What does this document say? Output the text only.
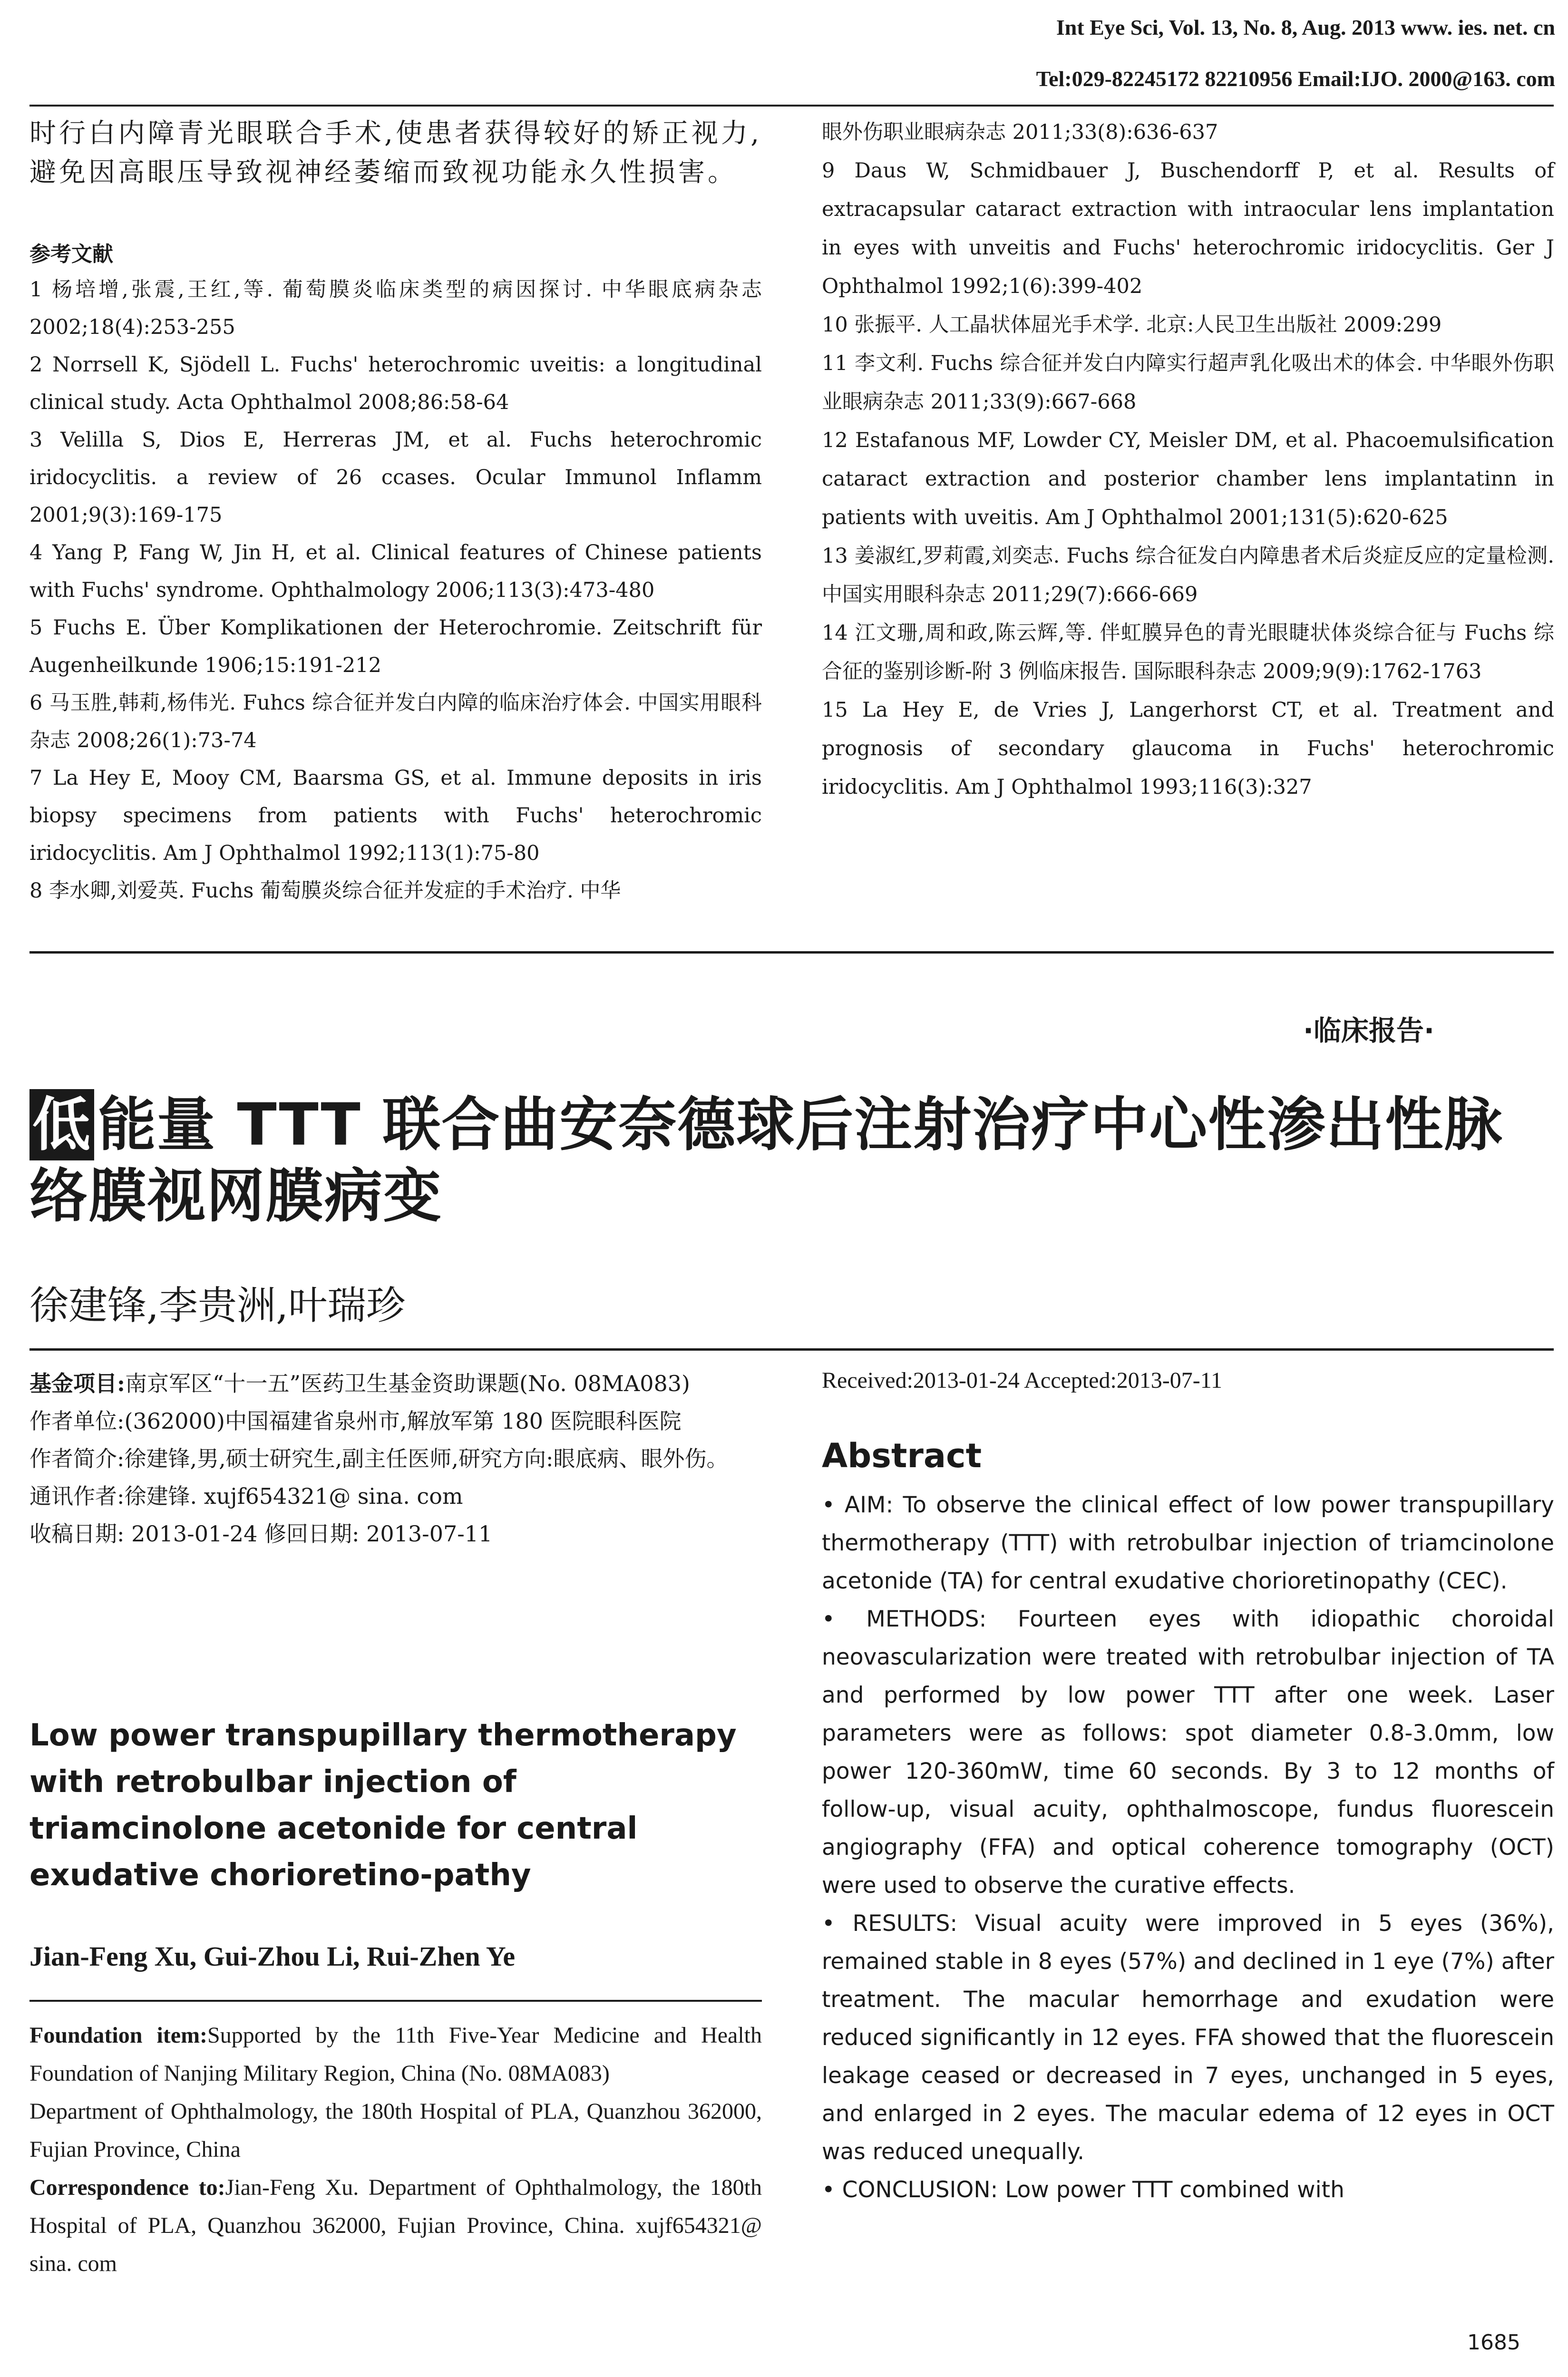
Int Eye Sci, Vol. 13, No. 8, Aug. 2013 www. ies. net. cn
Tel:029-82245172 82210956 Email:IJO. 2000@163. com
时行白内障青光眼联合手术,使患者获得较好的矫正视力,避免因高眼压导致视神经萎缩而致视功能永久性损害。
参考文献

1 杨培增,张震,王红,等. 葡萄膜炎临床类型的病因探讨. 中华眼底病杂志 2002;18(4):253-255

2 Norrsell K, Sjödell L. Fuchs' heterochromic uveitis: a longitudinal clinical study. Acta Ophthalmol 2008;86:58-64

3 Velilla S, Dios E, Herreras JM, et al. Fuchs heterochromic iridocyclitis. a review of 26 ccases. Ocular Immunol Inflamm 2001;9(3):169-175

4 Yang P, Fang W, Jin H, et al. Clinical features of Chinese patients with Fuchs' syndrome. Ophthalmology 2006;113(3):473-480

5 Fuchs E. Über Komplikationen der Heterochromie. Zeitschrift für Augenheilkunde 1906;15:191-212

6 马玉胜,韩莉,杨伟光. Fuhcs 综合征并发白内障的临床治疗体会. 中国实用眼科杂志 2008;26(1):73-74

7 La Hey E, Mooy CM, Baarsma GS, et al. Immune deposits in iris biopsy specimens from patients with Fuchs' heterochromic iridocyclitis. Am J Ophthalmol 1992;113(1):75-80

8 李水卿,刘爱英. Fuchs 葡萄膜炎综合征并发症的手术治疗. 中华

眼外伤职业眼病杂志 2011;33(8):636-637

9 Daus W, Schmidbauer J, Buschendorff P, et al. Results of extracapsular cataract extraction with intraocular lens implantation in eyes with unveitis and Fuchs' heterochromic iridocyclitis. Ger J Ophthalmol 1992;1(6):399-402

10 张振平. 人工晶状体屈光手术学. 北京:人民卫生出版社 2009:299

11 李文利. Fuchs 综合征并发白内障实行超声乳化吸出术的体会. 中华眼外伤职业眼病杂志 2011;33(9):667-668

12 Estafanous MF, Lowder CY, Meisler DM, et al. Phacoemulsification cataract extraction and posterior chamber lens implantatinn in patients with uveitis. Am J Ophthalmol 2001;131(5):620-625

13 姜淑红,罗莉霞,刘奕志. Fuchs 综合征发白内障患者术后炎症反应的定量检测. 中国实用眼科杂志 2011;29(7):666-669

14 江文珊,周和政,陈云辉,等. 伴虹膜异色的青光眼睫状体炎综合征与 Fuchs 综合征的鉴别诊断-附 3 例临床报告. 国际眼科杂志 2009;9(9):1762-1763

15 La Hey E, de Vries J, Langerhorst CT, et al. Treatment and prognosis of secondary glaucoma in Fuchs' heterochromic iridocyclitis. Am J Ophthalmol 1993;116(3):327

·临床报告·
低 能量 TTT 联合曲安奈德球后注射治疗中心性渗出性脉络膜视网膜病变
徐建锋,李贵洲,叶瑞珍

基金项目:南京军区“十一五”医药卫生基金资助课题(No. 08MA083)

作者单位:(362000)中国福建省泉州市,解放军第 180 医院眼科医院

作者简介:徐建锋,男,硕士研究生,副主任医师,研究方向:眼底病、眼外伤。

通讯作者:徐建锋. xujf654321@ sina. com

收稿日期: 2013-01-24 修回日期: 2013-07-11

Low power transpupillary thermotherapy with retrobulbar injection of triamcinolone acetonide for central exudative chorioretino-pathy
Jian-Feng Xu, Gui-Zhou Li, Rui-Zhen Ye

Foundation item:Supported by the 11th Five-Year Medicine and Health Foundation of Nanjing Military Region, China (No. 08MA083)

Department of Ophthalmology, the 180th Hospital of PLA, Quanzhou 362000, Fujian Province, China

Correspondence to:Jian-Feng Xu. Department of Ophthalmology, the 180th Hospital of PLA, Quanzhou 362000, Fujian Province, China. xujf654321@ sina. com

Received:2013-01-24 Accepted:2013-07-11
Abstract

• AIM: To observe the clinical effect of low power transpupillary thermotherapy (TTT) with retrobulbar injection of triamcinolone acetonide (TA) for central exudative chorioretinopathy (CEC).

• METHODS: Fourteen eyes with idiopathic choroidal neovascularization were treated with retrobulbar injection of TA and performed by low power TTT after one week. Laser parameters were as follows: spot diameter 0.8-3.0mm, low power 120-360mW, time 60 seconds. By 3 to 12 months of follow-up, visual acuity, ophthalmoscope, fundus fluorescein angiography (FFA) and optical coherence tomography (OCT) were used to observe the curative effects.

• RESULTS: Visual acuity were improved in 5 eyes (36%), remained stable in 8 eyes (57%) and declined in 1 eye (7%) after treatment. The macular hemorrhage and exudation were reduced significantly in 12 eyes. FFA showed that the fluorescein leakage ceased or decreased in 7 eyes, unchanged in 5 eyes, and enlarged in 2 eyes. The macular edema of 12 eyes in OCT was reduced unequally.

• CONCLUSION: Low power TTT combined with

1685
